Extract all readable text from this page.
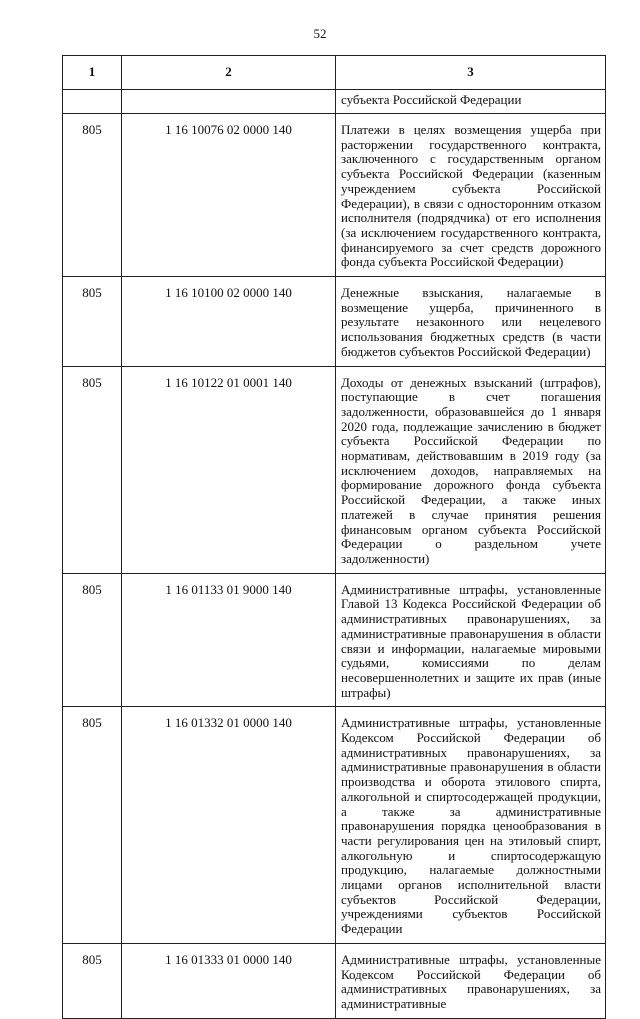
52
1	2	3
		субъекта Российской Федерации
805	1 16 10076 02 0000 140	Платежи в целях возмещения ущерба при расторжении государственного контракта, заключенного с государственным органом субъекта Российской Федерации (казенным учреждением субъекта Российской Федерации), в связи с односторонним отказом исполнителя (подрядчика) от его исполнения (за исключением государственного контракта, финансируемого за счет средств дорожного фонда субъекта Российской Федерации)
805	1 16 10100 02 0000 140	Денежные взыскания, налагаемые в возмещение ущерба, причиненного в результате незаконного или нецелевого использования бюджетных средств (в части бюджетов субъектов Российской Федерации)
805	1 16 10122 01 0001 140	Доходы от денежных взысканий (штрафов), поступающие в счет погашения задолженности, образовавшейся до 1 января 2020 года, подлежащие зачислению в бюджет субъекта Российской Федерации по нормативам, действовавшим в 2019 году (за исключением доходов, направляемых на формирование дорожного фонда субъекта Российской Федерации, а также иных платежей в случае принятия решения финансовым органом субъекта Российской Федерации о раздельном учете задолженности)
805	1 16 01133 01 9000 140	Административные штрафы, установленные Главой 13 Кодекса Российской Федерации об административных правонарушениях, за административные правонарушения в области связи и информации, налагаемые мировыми судьями, комиссиями по делам несовершеннолетних и защите их прав (иные штрафы)
805	1 16 01332 01 0000 140	Административные штрафы, установленные Кодексом Российской Федерации об административных правонарушениях, за административные правонарушения в области производства и оборота этилового спирта, алкогольной и спиртосодержащей продукции, а также за административные правонарушения порядка ценообразования в части регулирования цен на этиловый спирт, алкогольную и спиртосодержащую продукцию, налагаемые должностными лицами органов исполнительной власти субъектов Российской Федерации, учреждениями субъектов Российской Федерации
805	1 16 01333 01 0000 140	Административные штрафы, установленные Кодексом Российской Федерации об административных правонарушениях, за административные
